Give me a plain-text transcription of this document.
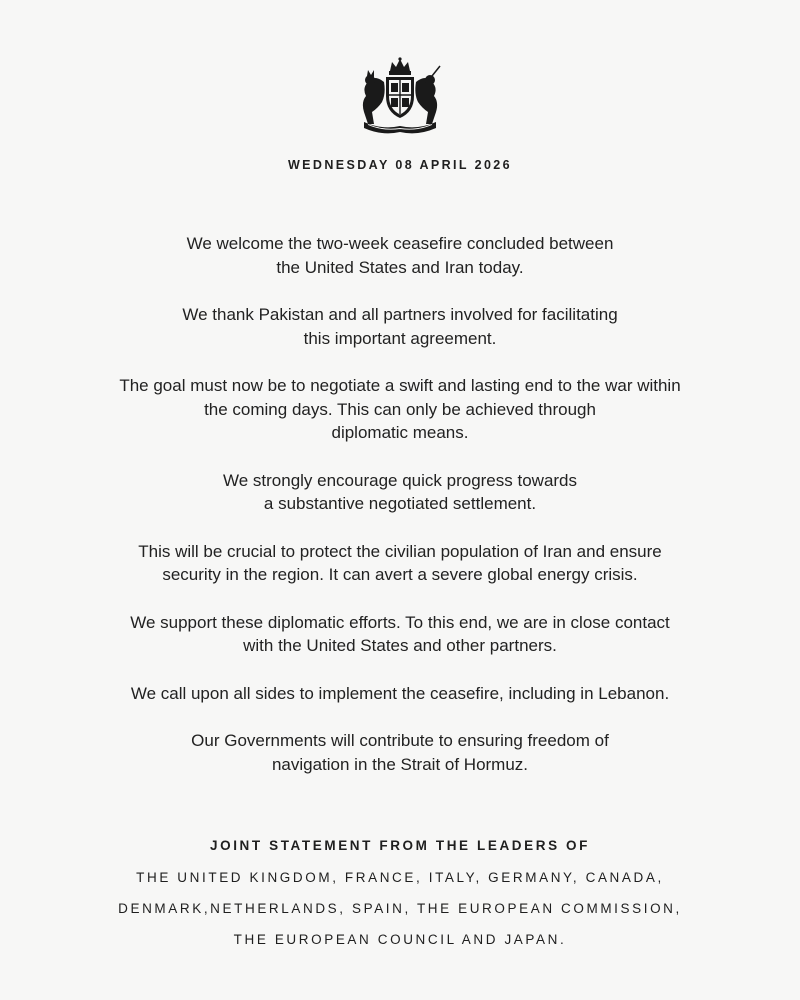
WEDNESDAY 08 APRIL 2026

We welcome the two-week ceasefire concluded between
the United States and Iran today.

We thank Pakistan and all partners involved for facilitating
this important agreement.

The goal must now be to negotiate a swift and lasting end to the war within
the coming days. This can only be achieved through
diplomatic means.

We strongly encourage quick progress towards
a substantive negotiated settlement.

This will be crucial to protect the civilian population of Iran and ensure
security in the region. It can avert a severe global energy crisis.

We support these diplomatic efforts. To this end, we are in close contact
with the United States and other partners.

We call upon all sides to implement the ceasefire, including in Lebanon.

Our Governments will contribute to ensuring freedom of
navigation in the Strait of Hormuz.

JOINT STATEMENT FROM THE LEADERS OF
THE UNITED KINGDOM, FRANCE, ITALY, GERMANY, CANADA,
DENMARK,NETHERLANDS, SPAIN, THE EUROPEAN COMMISSION,
THE EUROPEAN COUNCIL AND JAPAN.
